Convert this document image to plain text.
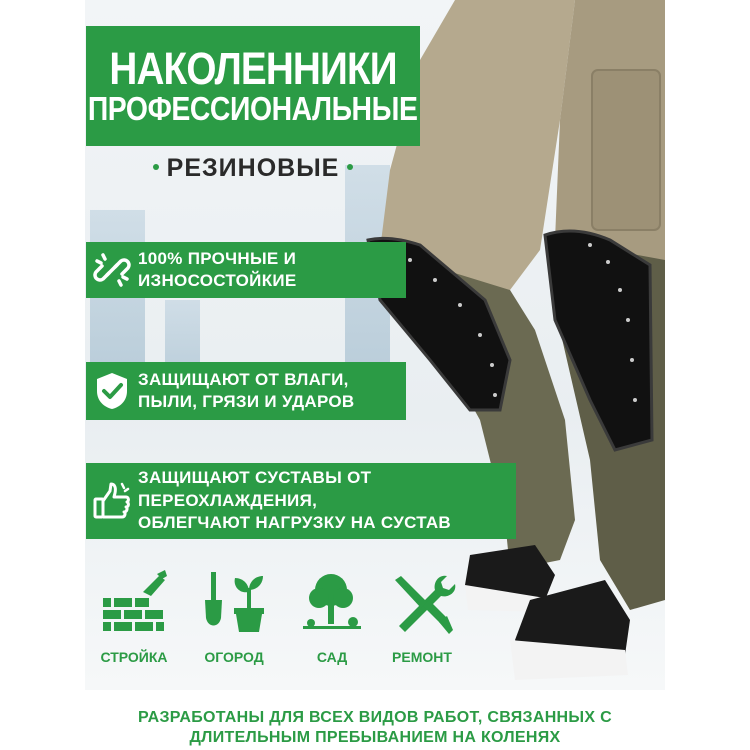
НАКОЛЕННИКИ
ПРОФЕССИОНАЛЬНЫЕ
РЕЗИНОВЫЕ
100% ПРОЧНЫЕ И
ИЗНОСОСТОЙКИЕ
ЗАЩИЩАЮТ ОТ ВЛАГИ,
ПЫЛИ, ГРЯЗИ И УДАРОВ
ЗАЩИЩАЮТ СУСТАВЫ ОТ
ПЕРЕОХЛАЖДЕНИЯ,
ОБЛЕГЧАЮТ НАГРУЗКУ НА СУСТАВ
СТРОЙКА	ОГОРОД	САД	РЕМОНТ
РАЗРАБОТАНЫ ДЛЯ ВСЕХ ВИДОВ РАБОТ, СВЯЗАННЫХ С
ДЛИТЕЛЬНЫМ ПРЕБЫВАНИЕМ НА КОЛЕНЯХ
